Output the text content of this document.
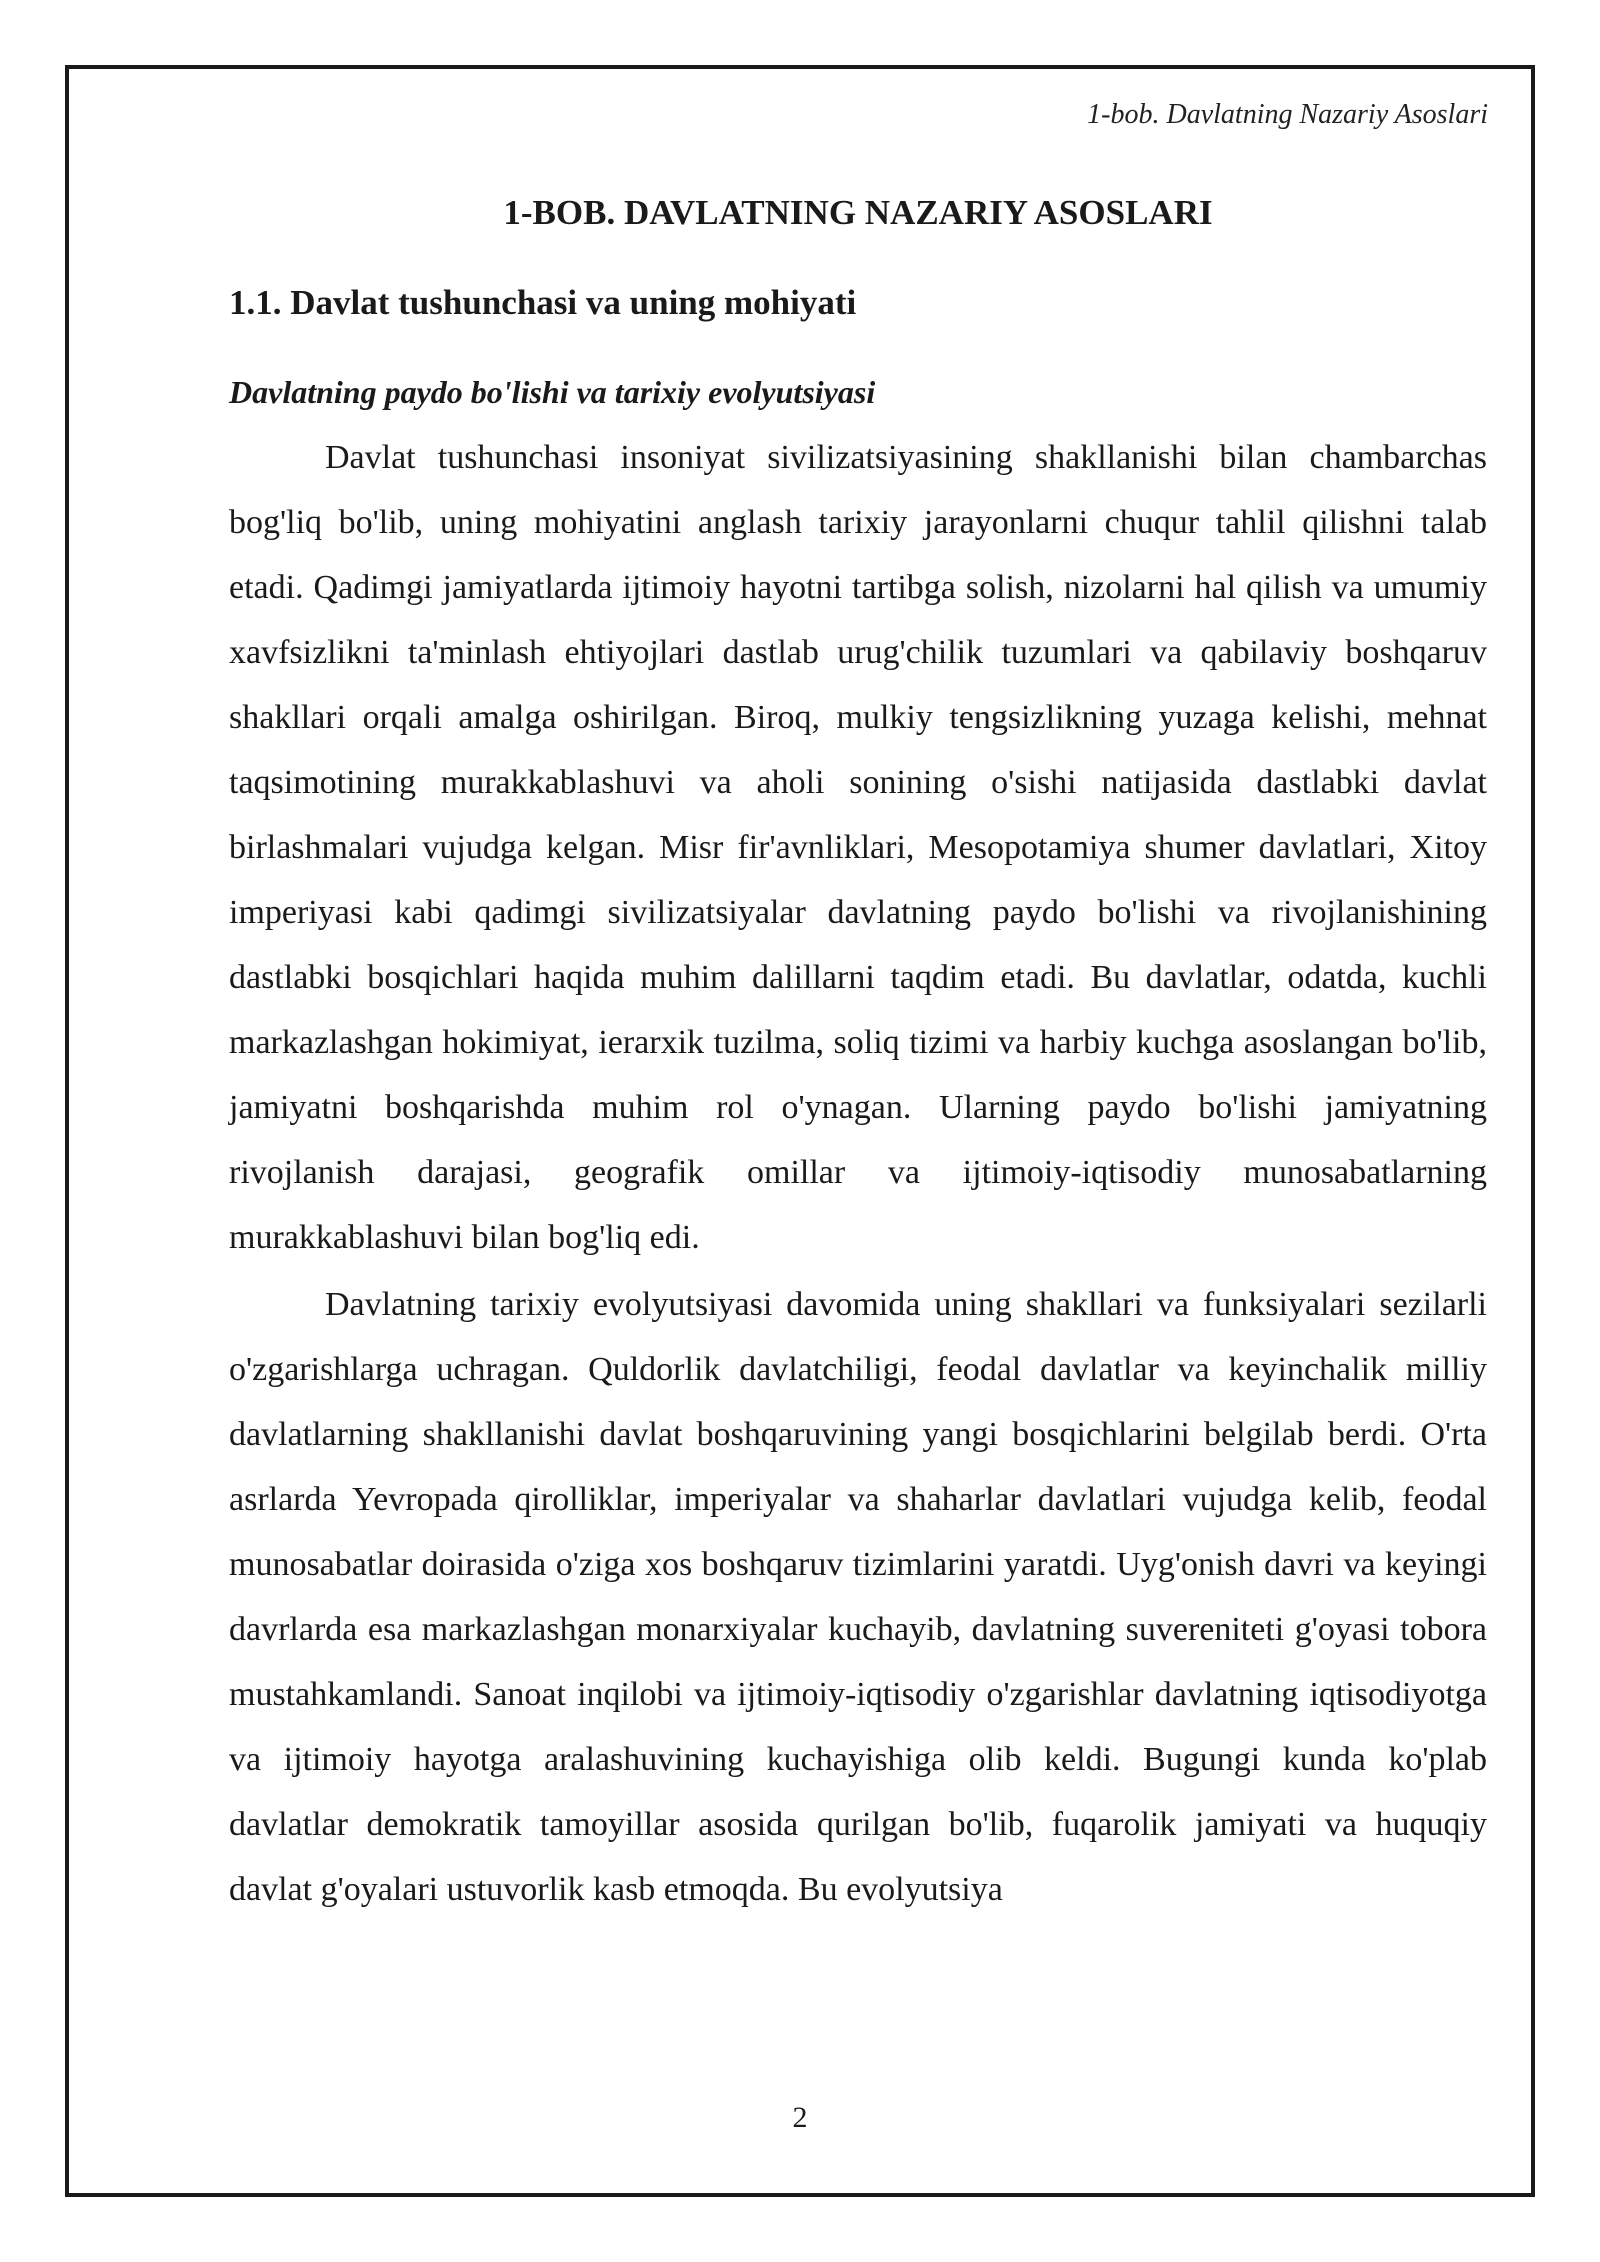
1-bob. Davlatning Nazariy Asoslari

1-BOB. DAVLATNING NAZARIY ASOSLARI
1.1. Davlat tushunchasi va uning mohiyati
Davlatning paydo bo'lishi va tarixiy evolyutsiyasi

Davlat tushunchasi insoniyat sivilizatsiyasining shakllanishi bilan chambarchas bog'liq bo'lib, uning mohiyatini anglash tarixiy jarayonlarni chuqur tahlil qilishni talab etadi. Qadimgi jamiyatlarda ijtimoiy hayotni tartibga solish, nizolarni hal qilish va umumiy xavfsizlikni ta'minlash ehtiyojlari dastlab urug'chilik tuzumlari va qabilaviy boshqaruv shakllari orqali amalga oshirilgan. Biroq, mulkiy tengsizlikning yuzaga kelishi, mehnat taqsimotining murakkablashuvi va aholi sonining o'sishi natijasida dastlabki davlat birlashmalari vujudga kelgan. Misr fir'avnliklari, Mesopotamiya shumer davlatlari, Xitoy imperiyasi kabi qadimgi sivilizatsiyalar davlatning paydo bo'lishi va rivojlanishining dastlabki bosqichlari haqida muhim dalillarni taqdim etadi. Bu davlatlar, odatda, kuchli markazlashgan hokimiyat, ierarxik tuzilma, soliq tizimi va harbiy kuchga asoslangan bo'lib, jamiyatni boshqarishda muhim rol o'ynagan. Ularning paydo bo'lishi jamiyatning rivojlanish darajasi, geografik omillar va ijtimoiy-iqtisodiy munosabatlarning murakkablashuvi bilan bog'liq edi.

Davlatning tarixiy evolyutsiyasi davomida uning shakllari va funksiyalari sezilarli o'zgarishlarga uchragan. Quldorlik davlatchiligi, feodal davlatlar va keyinchalik milliy davlatlarning shakllanishi davlat boshqaruvining yangi bosqichlarini belgilab berdi. O'rta asrlarda Yevropada qirolliklar, imperiyalar va shaharlar davlatlari vujudga kelib, feodal munosabatlar doirasida o'ziga xos boshqaruv tizimlarini yaratdi. Uyg'onish davri va keyingi davrlarda esa markazlashgan monarxiyalar kuchayib, davlatning suvereniteti g'oyasi tobora mustahkamlandi. Sanoat inqilobi va ijtimoiy-iqtisodiy o'zgarishlar davlatning iqtisodiyotga va ijtimoiy hayotga aralashuvining kuchayishiga olib keldi. Bugungi kunda ko'plab davlatlar demokratik tamoyillar asosida qurilgan bo'lib, fuqarolik jamiyati va huquqiy davlat g'oyalari ustuvorlik kasb etmoqda. Bu evolyutsiya

2
